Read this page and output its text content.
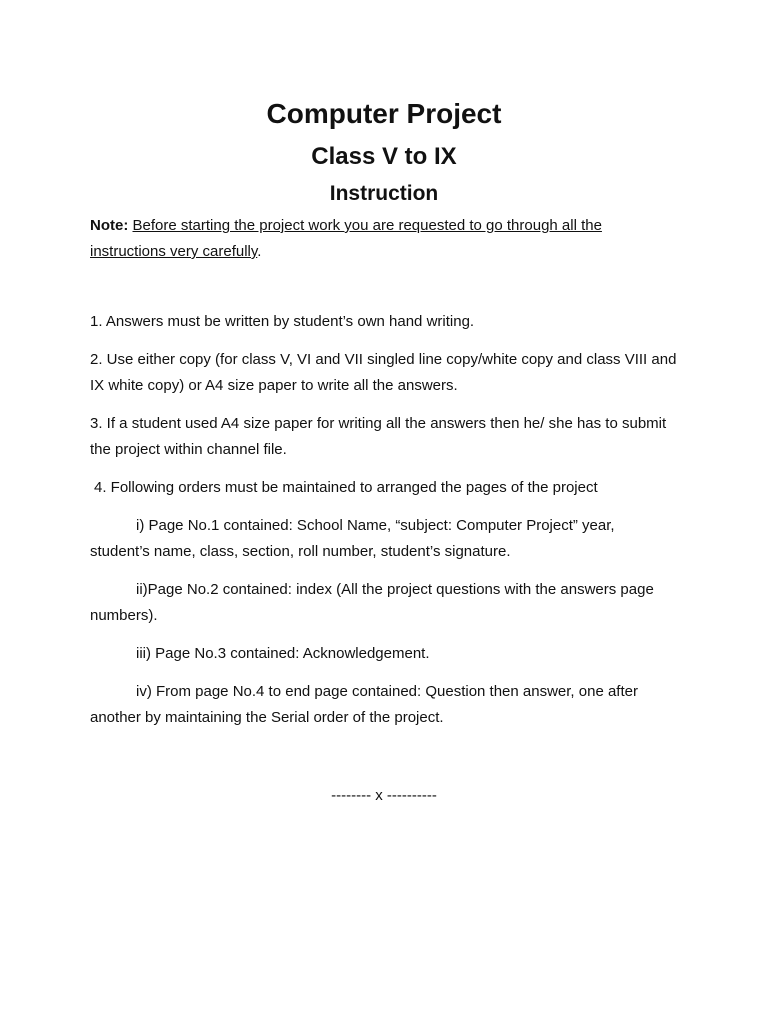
Computer Project
Class V to IX
Instruction

Note: Before starting the project work you are requested to go through all the instructions very carefully.

1. Answers must be written by student’s own hand writing.

2. Use either copy (for class V, VI and VII singled line copy/white copy and class VIII and IX white copy) or A4 size paper to write all the answers.

3. If a student used A4 size paper for writing all the answers then he/ she has to submit the project within channel file.

4. Following orders must be maintained to arranged the pages of the project

i) Page No.1 contained: School Name, “subject: Computer Project” year, student’s name, class, section, roll number, student’s signature.

ii)Page No.2 contained: index (All the project questions with the answers page numbers).

iii) Page No.3 contained: Acknowledgement.

iv) From page No.4 to end page contained: Question then answer, one after another by maintaining the Serial order of the project.

-------- x ----------
